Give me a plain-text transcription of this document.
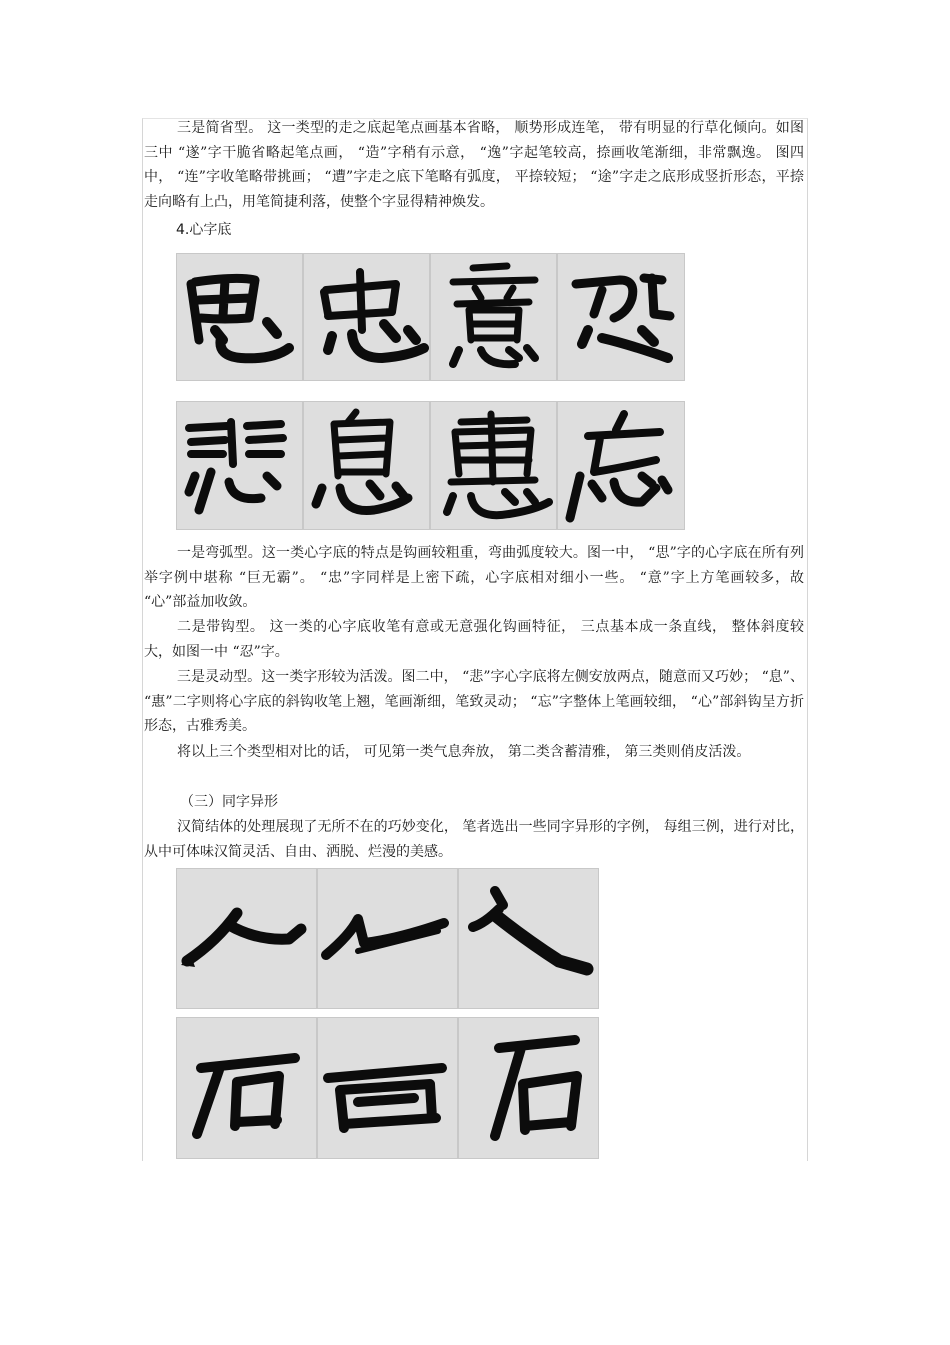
三是简省型。 这一类型的走之底起笔点画基本省略， 顺势形成连笔， 带有明显的行草化倾向。如图三中 “遂”字干脆省略起笔点画， “造”字稍有示意， “逸”字起笔较高，捺画收笔渐细，非常飘逸。 图四中， “连”字收笔略带挑画； “遭”字走之底下笔略有弧度， 平捺较短； “途”字走之底形成竖折形态，平捺走向略有上凸，用笔简捷利落，使整个字显得精神焕发。
4.心字底
一是弯弧型。这一类心字底的特点是钩画较粗重，弯曲弧度较大。图一中， “思”字的心字底在所有列举字例中堪称 “巨无霸”。 “忠”字同样是上密下疏，心字底相对细小一些。 “意”字上方笔画较多，故 “心”部益加收敛。
二是带钩型。 这一类的心字底收笔有意或无意强化钩画特征， 三点基本成一条直线， 整体斜度较大，如图一中 “忍”字。
三是灵动型。这一类字形较为活泼。图二中， “悲”字心字底将左侧安放两点，随意而又巧妙； “息”、 “惠”二字则将心字底的斜钩收笔上翘，笔画渐细，笔致灵动； “忘”字整体上笔画较细， “心”部斜钩呈方折形态，古雅秀美。
将以上三个类型相对比的话， 可见第一类气息奔放， 第二类含蓄清雅， 第三类则俏皮活泼。
（三）同字异形
汉简结体的处理展现了无所不在的巧妙变化， 笔者选出一些同字异形的字例， 每组三例，进行对比，从中可体味汉简灵活、自由、洒脱、烂漫的美感。
